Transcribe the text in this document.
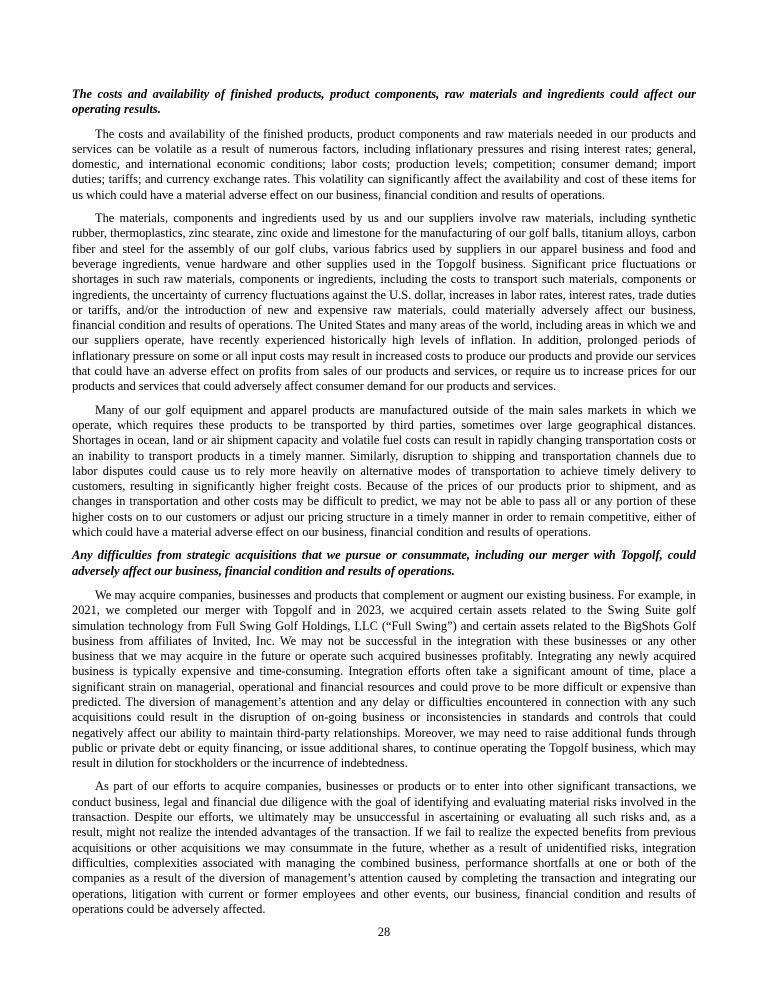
The costs and availability of finished products, product components, raw materials and ingredients could affect our operating results.

The costs and availability of the finished products, product components and raw materials needed in our products and services can be volatile as a result of numerous factors, including inflationary pressures and rising interest rates; general, domestic, and international economic conditions; labor costs; production levels; competition; consumer demand; import duties; tariffs; and currency exchange rates. This volatility can significantly affect the availability and cost of these items for us which could have a material adverse effect on our business, financial condition and results of operations.

The materials, components and ingredients used by us and our suppliers involve raw materials, including synthetic rubber, thermoplastics, zinc stearate, zinc oxide and limestone for the manufacturing of our golf balls, titanium alloys, carbon fiber and steel for the assembly of our golf clubs, various fabrics used by suppliers in our apparel business and food and beverage ingredients, venue hardware and other supplies used in the Topgolf business. Significant price fluctuations or shortages in such raw materials, components or ingredients, including the costs to transport such materials, components or ingredients, the uncertainty of currency fluctuations against the U.S. dollar, increases in labor rates, interest rates, trade duties or tariffs, and/or the introduction of new and expensive raw materials, could materially adversely affect our business, financial condition and results of operations. The United States and many areas of the world, including areas in which we and our suppliers operate, have recently experienced historically high levels of inflation. In addition, prolonged periods of inflationary pressure on some or all input costs may result in increased costs to produce our products and provide our services that could have an adverse effect on profits from sales of our products and services, or require us to increase prices for our products and services that could adversely affect consumer demand for our products and services.

Many of our golf equipment and apparel products are manufactured outside of the main sales markets in which we operate, which requires these products to be transported by third parties, sometimes over large geographical distances. Shortages in ocean, land or air shipment capacity and volatile fuel costs can result in rapidly changing transportation costs or an inability to transport products in a timely manner. Similarly, disruption to shipping and transportation channels due to labor disputes could cause us to rely more heavily on alternative modes of transportation to achieve timely delivery to customers, resulting in significantly higher freight costs. Because of the prices of our products prior to shipment, and as changes in transportation and other costs may be difficult to predict, we may not be able to pass all or any portion of these higher costs on to our customers or adjust our pricing structure in a timely manner in order to remain competitive, either of which could have a material adverse effect on our business, financial condition and results of operations.

Any difficulties from strategic acquisitions that we pursue or consummate, including our merger with Topgolf, could adversely affect our business, financial condition and results of operations.

We may acquire companies, businesses and products that complement or augment our existing business. For example, in 2021, we completed our merger with Topgolf and in 2023, we acquired certain assets related to the Swing Suite golf simulation technology from Full Swing Golf Holdings, LLC (“Full Swing”) and certain assets related to the BigShots Golf business from affiliates of Invited, Inc. We may not be successful in the integration with these businesses or any other business that we may acquire in the future or operate such acquired businesses profitably. Integrating any newly acquired business is typically expensive and time-consuming. Integration efforts often take a significant amount of time, place a significant strain on managerial, operational and financial resources and could prove to be more difficult or expensive than predicted. The diversion of management’s attention and any delay or difficulties encountered in connection with any such acquisitions could result in the disruption of on-going business or inconsistencies in standards and controls that could negatively affect our ability to maintain third-party relationships. Moreover, we may need to raise additional funds through public or private debt or equity financing, or issue additional shares, to continue operating the Topgolf business, which may result in dilution for stockholders or the incurrence of indebtedness.

As part of our efforts to acquire companies, businesses or products or to enter into other significant transactions, we conduct business, legal and financial due diligence with the goal of identifying and evaluating material risks involved in the transaction. Despite our efforts, we ultimately may be unsuccessful in ascertaining or evaluating all such risks and, as a result, might not realize the intended advantages of the transaction. If we fail to realize the expected benefits from previous acquisitions or other acquisitions we may consummate in the future, whether as a result of unidentified risks, integration difficulties, complexities associated with managing the combined business, performance shortfalls at one or both of the companies as a result of the diversion of management’s attention caused by completing the transaction and integrating our operations, litigation with current or former employees and other events, our business, financial condition and results of operations could be adversely affected.

28
